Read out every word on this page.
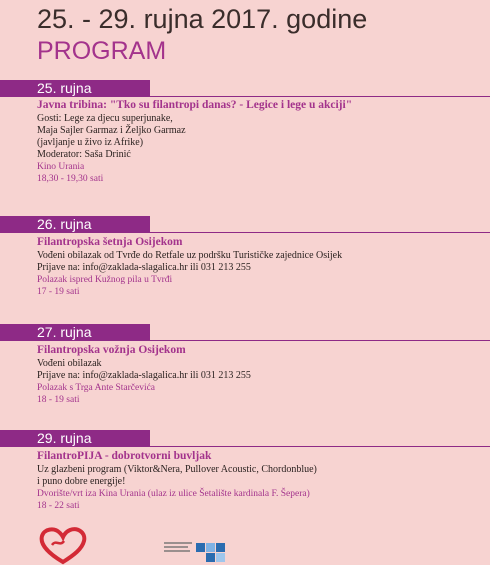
25. - 29. rujna 2017. godine
PROGRAM
25. rujna
Javna tribina: "Tko su filantropi danas? - Legice i lege u akciji"
Gosti: Lege za djecu superjunake,
Maja Sajler Garmaz i Željko Garmaz
(javljanje u živo iz Afrike)
Moderator: Saša Drinić
Kino Urania
18,30 - 19,30 sati
26. rujna
Filantropska šetnja Osijekom
Vođeni obilazak od Tvrđe do Retfale uz podršku Turističke zajednice Osijek
Prijave na: info@zaklada-slagalica.hr ili 031 213 255
Polazak ispred Kužnog pila u Tvrđi
17 - 19 sati
27. rujna
Filantropska vožnja Osijekom
Vođeni obilazak
Prijave na: info@zaklada-slagalica.hr ili 031 213 255
Polazak s Trga Ante Starčevića
18 - 19 sati
29. rujna
FilantroPIJA - dobrotvorni buvljak
Uz glazbeni program (Viktor&Nera, Pullover Acoustic, Chordonblue)
i puno dobre energije!
Dvorište/vrt iza Kina Urania (ulaz iz ulice Šetalište kardinala F. Šepera)
18 - 22 sati
